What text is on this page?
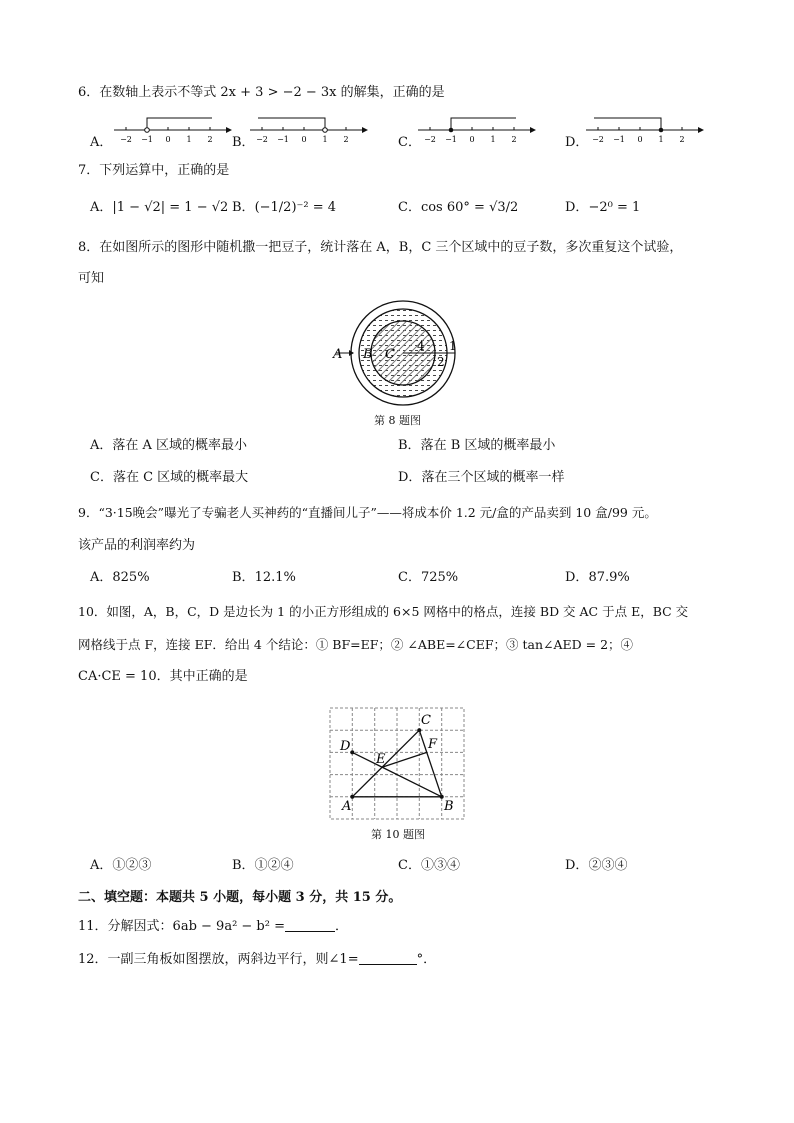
6．在数轴上表示不等式 2x + 3 > −2 − 3x 的解集，正确的是
A． −2 −1 0 1 2 B． −2 −1 0 1 2	C． −2 −1 0 1 2	D． −2 −1 0 1 2
7．下列运算中，正确的是
A．|1 − √2| = 1 − √2 B．(−1/2)⁻² = 4	C．cos 60° = √3/2	D．−2⁰ = 1
8．在如图所示的图形中随机撒一把豆子，统计落在 A，B，C 三个区域中的豆子数，多次重复这个试验，
可知
A B C
4 1
2
第 8 题图
A．落在 A 区域的概率最小	B．落在 B 区域的概率最小
C．落在 C 区域的概率最大	D．落在三个区域的概率一样
9．“3·15晚会”曝光了专骗老人买神药的“直播间儿子”——将成本价 1.2 元/盒的产品卖到 10 盒/99 元。
该产品的利润率约为
A．825%	B．12.1%	C．725%	D．87.9%
10．如图，A，B，C，D 是边长为 1 的小正方形组成的 6×5 网格中的格点，连接 BD 交 AC 于点 E，BC 交
网格线于点 F，连接 EF．给出 4 个结论：① BF=EF；② ∠ABE=∠CEF；③ tan∠AED = 2；④
CA·CE = 10．其中正确的是
A	B
C
D
E
F
第 10 题图
A．①②③	B．①②④	C．①③④	D．②③④
二、填空题：本题共 5 小题，每小题 3 分，共 15 分。
11．分解因式：6ab − 9a² − b² =	．
12．一副三角板如图摆放，两斜边平行，则∠1=	°．
